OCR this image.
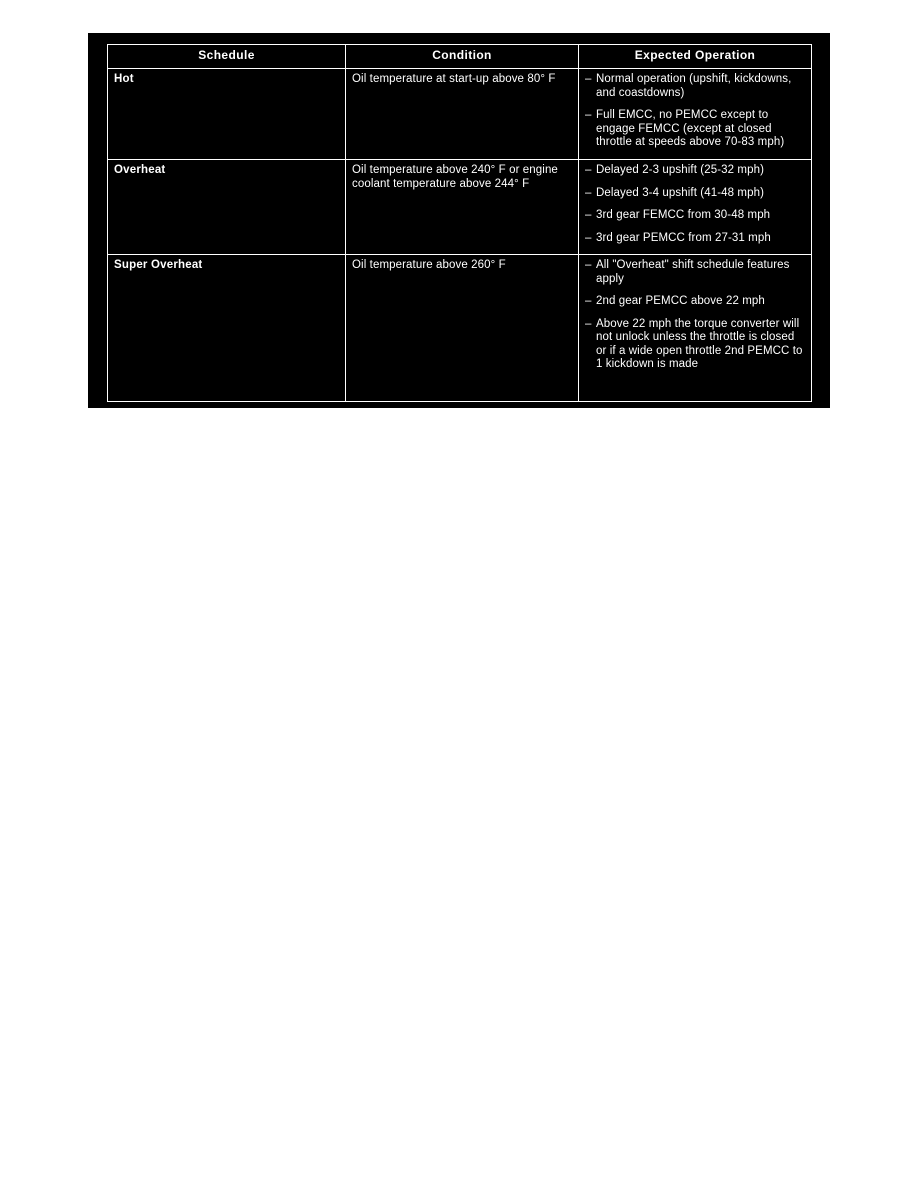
Schedule	Condition	Expected Operation
Hot	Oil temperature at start-up above 80° F	– Normal operation (upshift, kickdowns, and coastdowns)
– Full EMCC, no PEMCC except to engage FEMCC (except at closed throttle at speeds above 70-83 mph)

Overheat	Oil temperature above 240° F or engine coolant temperature above 244° F	
– Delayed 2-3 upshift (25-32 mph)
– Delayed 3-4 upshift (41-48 mph)
– 3rd gear FEMCC from 30-48 mph
– 3rd gear PEMCC from 27-31 mph

Super Overheat	Oil temperature above 260° F	– All "Overheat" shift schedule features apply
– 2nd gear PEMCC above 22 mph
– Above 22 mph the torque converter will not unlock unless the throttle is closed or if a wide open throttle 2nd PEMCC to 1 kickdown is made
